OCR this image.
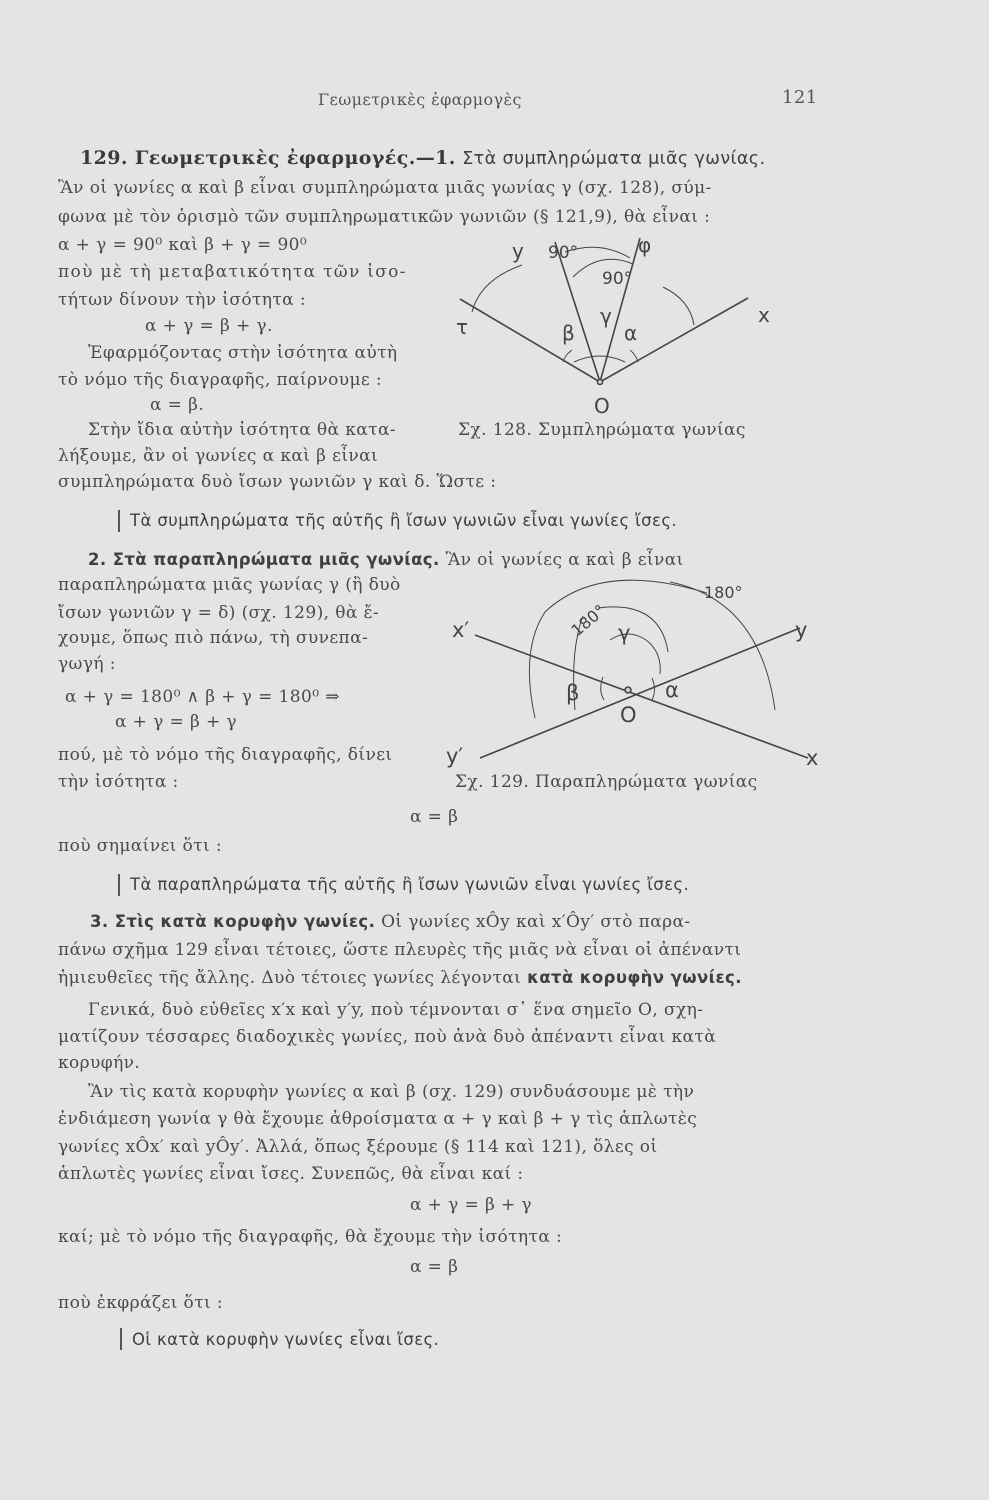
Γεωμετρικὲς ἐφαρμογὲς	121
129. Γεωμετρικὲς ἐφαρμογές.—1. Στὰ συμπληρώματα μιᾶς γωνίας.
Ἂν οἱ γωνίες α καὶ β εἶναι συμπληρώματα μιᾶς γωνίας γ (σχ. 128), σύμ-
φωνα μὲ τὸν ὁρισμὸ τῶν συμπληρωματικῶν γωνιῶν (§ 121,9), θὰ εἶναι :
α + γ = 90⁰ καὶ β + γ = 90⁰
ποὺ μὲ τὴ μεταβατικότητα τῶν ἰσο-
τήτων δίνουν τὴν ἰσότητα :
α + γ = β + γ.
Ἐφαρμόζοντας στὴν ἰσότητα αὐτὴ
τὸ νόμο τῆς διαγραφῆς, παίρνουμε :
α = β.
Στὴν ἴδια αὐτὴν ἰσότητα θὰ κατα-
λήξουμε, ἂν οἱ γωνίες α καὶ β εἶναι
συμπληρώματα δυὸ ἴσων γωνιῶν γ καὶ δ. Ὥστε :
Τὰ συμπληρώματα τῆς αὐτῆς ἢ ἴσων γωνιῶν εἶναι γωνίες ἴσες.
y 90°	φ
90°
τ	x
β
γ
α
O
Σχ. 128. Συμπληρώματα γωνίας
2. Στὰ παραπληρώματα μιᾶς γωνίας. Ἂν οἱ γωνίες α καὶ β εἶναι
παραπληρώματα μιᾶς γωνίας γ (ἢ δυὸ
ἴσων γωνιῶν γ = δ) (σχ. 129), θὰ ἔ-
χουμε, ὅπως πιὸ πάνω, τὴ συνεπα-
γωγή :
α + γ = 180⁰ ∧ β + γ = 180⁰ ⇒
α + γ = β + γ
πού, μὲ τὸ νόμο τῆς διαγραφῆς, δίνει
τὴν ἰσότητα :
α = β
ποὺ σημαίνει ὅτι :
Τὰ παραπληρώματα τῆς αὐτῆς ἢ ἴσων γωνιῶν εἶναι γωνίες ἴσες.
x′	y
y′	x
β	α
O
γ
180°
180°
Σχ. 129. Παραπληρώματα γωνίας
3. Στὶς κατὰ κορυφὴν γωνίες. Οἱ γωνίες xÔy καὶ x′Ôy′ στὸ παρα-
πάνω σχῆμα 129 εἶναι τέτοιες, ὥστε πλευρὲς τῆς μιᾶς νὰ εἶναι οἱ ἀπέναντι
ἡμιευθεῖες τῆς ἄλλης. Δυὸ τέτοιες γωνίες λέγονται κατὰ κορυφὴν γωνίες.
Γενικά, δυὸ εὐθεῖες x′x καὶ y′y, ποὺ τέμνονται σ᾽ ἕνα σημεῖο Ο, σχη-
ματίζουν τέσσαρες διαδοχικὲς γωνίες, ποὺ ἀνὰ δυὸ ἀπέναντι εἶναι κατὰ
κορυφήν.
Ἂν τὶς κατὰ κορυφὴν γωνίες α καὶ β (σχ. 129) συνδυάσουμε μὲ τὴν
ἐνδιάμεση γωνία γ θὰ ἔχουμε ἀθροίσματα α + γ καὶ β + γ τὶς ἁπλωτὲς
γωνίες xÔx′ καὶ yÔy′. Ἀλλά, ὅπως ξέρουμε (§ 114 καὶ 121), ὅλες οἱ
ἁπλωτὲς γωνίες εἶναι ἴσες. Συνεπῶς, θὰ εἶναι καί :
α + γ = β + γ
καί; μὲ τὸ νόμο τῆς διαγραφῆς, θὰ ἔχουμε τὴν ἰσότητα :
α = β
ποὺ ἐκφράζει ὅτι :
Οἱ κατὰ κορυφὴν γωνίες εἶναι ἴσες.
